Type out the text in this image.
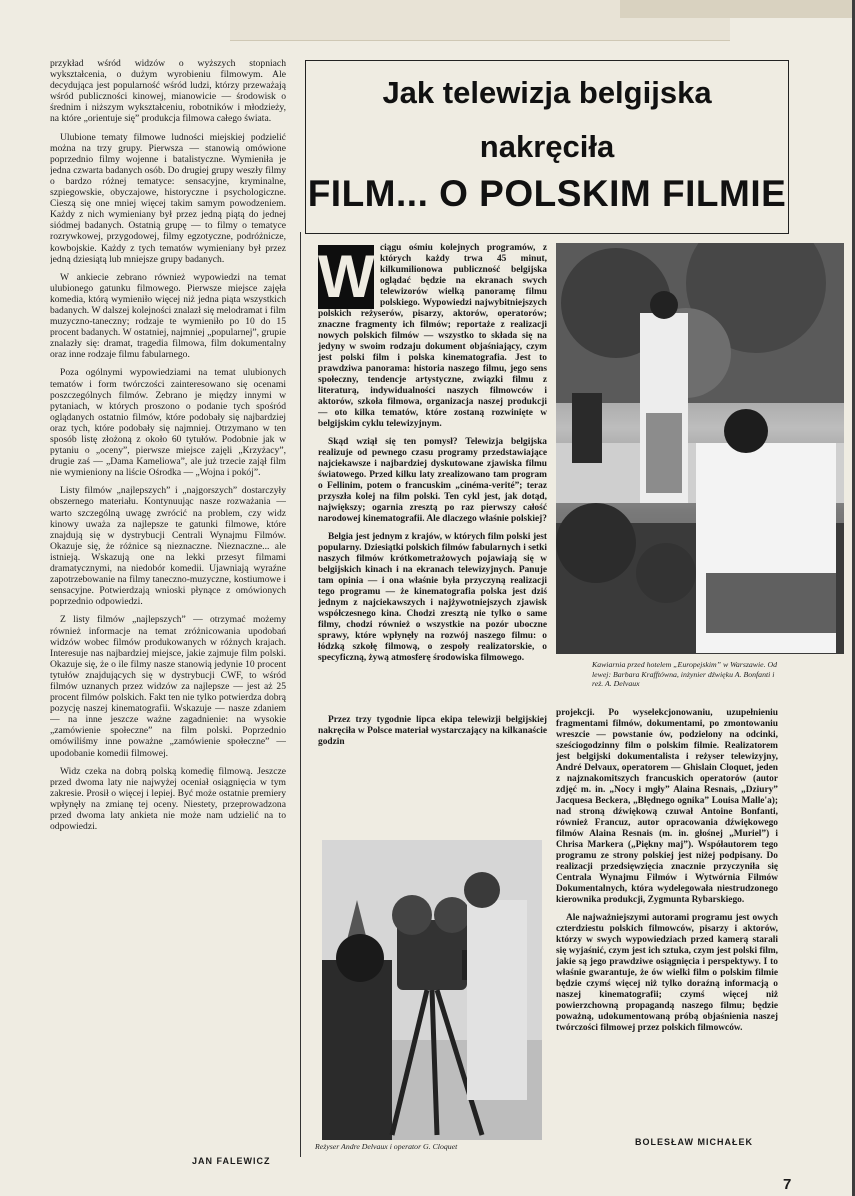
przykład wśród widzów o wyższych stopniach wykształcenia, o dużym wyrobieniu filmowym. Ale decydująca jest popularność wśród ludzi, którzy przeważają wśród publiczności kinowej, mianowicie — środowisk o średnim i niższym wykształceniu, robotników i młodzieży, na które „orientuje się” produkcja filmowa całego świata.

Ulubione tematy filmowe ludności miejskiej podzielić można na trzy grupy. Pierwsza — stanowią omówione poprzednio filmy wojenne i batalistyczne. Wymieniła je jedna czwarta badanych osób. Do drugiej grupy weszły filmy o bardzo różnej tematyce: sensacyjne, kryminalne, szpiegowskie, obyczajowe, historyczne i psychologiczne. Cieszą się one mniej więcej takim samym powodzeniem. Każdy z nich wymieniany był przez jedną piątą do jednej siódmej badanych. Ostatnią grupę — to filmy o tematyce rozrywkowej, przygodowej, filmy egzotyczne, podróżnicze, kowbojskie. Każdy z tych tematów wymieniany był przez jedną dziesiątą lub mniejsze grupy badanych.

W ankiecie zebrano również wypowiedzi na temat ulubionego gatunku filmowego. Pierwsze miejsce zajęła komedia, którą wymieniło więcej niż jedna piąta wszystkich badanych. W dalszej kolejności znalazł się melodramat i film muzyczno-taneczny; rodzaje te wymieniło po 10 do 15 procent badanych. W ostatniej, najmniej „popularnej”, grupie znalazły się: dramat, tragedia filmowa, film dokumentalny oraz inne rodzaje filmu fabularnego.

Poza ogólnymi wypowiedziami na temat ulubionych tematów i form twórczości zainteresowano się ocenami poszczególnych filmów. Zebrano je między innymi w pytaniach, w których proszono o podanie tych spośród oglądanych ostatnio filmów, które podobały się najbardziej oraz tych, które podobały się najmniej. Otrzymano w ten sposób listę złożoną z około 60 tytułów. Podobnie jak w pytaniu o „oceny”, pierwsze miejsce zajęli „Krzyżacy”, drugie zaś — „Dama Kameliowa”, ale już trzecie zajął film nie wymieniony na liście Ośrodka — „Wojna i pokój”.

Listy filmów „najlepszych” i „najgorszych” dostarczyły obszernego materiału. Kontynuując nasze rozważania — warto szczególną uwagę zwrócić na problem, czy widz kinowy uważa za najlepsze te gatunki filmowe, które znajdują się w dystrybucji Centrali Wynajmu Filmów. Okazuje się, że różnice są nieznaczne. Nieznaczne... ale istnieją. Wskazują one na lekki przesyt filmami dramatycznymi, na niedobór komedii. Ujawniają wyraźne zapotrzebowanie na filmy taneczno-muzyczne, kostiumowe i sensacyjne. Potwierdzają wnioski płynące z omówionych poprzednio odpowiedzi.

Z listy filmów „najlepszych” — otrzymać możemy również informacje na temat zróżnicowania upodobań widzów wobec filmów produkowanych w różnych krajach. Interesuje nas najbardziej miejsce, jakie zajmuje film polski. Okazuje się, że o ile filmy nasze stanowią jedynie 10 procent tytułów znajdujących się w dystrybucji CWF, to wśród filmów uznanych przez widzów za najlepsze — jest aż 25 procent filmów polskich. Fakt ten nie tylko potwierdza dobrą pozycję naszej kinematografii. Wskazuje — nasze zdaniem — na inne jeszcze ważne zagadnienie: na wysokie „zamówienie społeczne” na film polski. Poprzednio omówiliśmy inne poważne „zamówienie społeczne” — upodobanie komedii filmowej.

Widz czeka na dobrą polską komedię filmową. Jeszcze przed dwoma laty nie najwyżej oceniał osiągnięcia w tym zakresie. Prosił o więcej i lepiej. Być może ostatnie premiery wpłynęły na zmianę tej oceny. Niestety, przeprowadzona przed dwoma laty ankieta nie może nam udzielić na to odpowiedzi.

JAN FALEWICZ
Jak telewizja belgijska
nakręciła
FILM... O POLSKIM FILMIE
W ciągu ośmiu kolejnych programów, z których każdy trwa 45 minut, kilkumilionowa publiczność belgijska oglądać będzie na ekranach swych telewizorów wielką panoramę filmu polskiego. Wypowiedzi najwybitniejszych polskich reżyserów, pisarzy, aktorów, operatorów; znaczne fragmenty ich filmów; reportaże z realizacji nowych polskich filmów — wszystko to składa się na jedyny w swoim rodzaju dokument objaśniający, czym jest polski film i polska kinematografia. Jest to prawdziwa panorama: historia naszego filmu, jego sens społeczny, tendencje artystyczne, związki filmu z literaturą, indywidualności naszych filmowców i aktorów, szkoła filmowa, organizacja naszej produkcji — oto kilka tematów, które zostaną rozwinięte w belgijskim cyklu telewizyjnym.

Skąd wziął się ten pomysł? Telewizja belgijska realizuje od pewnego czasu programy przedstawiające najciekawsze i najbardziej dyskutowane zjawiska filmu światowego. Przed kilku laty zrealizowano tam program o Fellinim, potem o francuskim „cinéma-verité”; teraz przyszła kolej na film polski. Ten cykl jest, jak dotąd, największy; ogarnia zresztą po raz pierwszy całość narodowej kinematografii. Ale dlaczego właśnie polskiej?

Belgia jest jednym z krajów, w których film polski jest popularny. Dziesiątki polskich filmów fabularnych i setki naszych filmów krótkometrażowych pojawiają się w belgijskich kinach i na ekranach telewizyjnych. Panuje tam opinia — i ona właśnie była przyczyną realizacji tego programu — że kinematografia polska jest dziś jednym z najciekawszych i najżywotniejszych zjawisk współczesnego kina. Chodzi zresztą nie tylko o same filmy, chodzi również o wszystkie na pozór uboczne sprawy, które wpłynęły na rozwój naszego filmu: o łódzką szkołę filmową, o zespoły realizatorskie, o specyficzną, żywą atmosferę środowiska filmowego.

Przez trzy tygodnie lipca ekipa telewizji belgijskiej nakręciła w Polsce materiał wystarczający na kilkanaście godzin

Kawiarnia przed hotelem „Europejskim” w Warszawie. Od lewej: Barbara Krafftówna, inżynier dźwięku A. Bonfanti i reż. A. Delvaux
Reżyser Andre Delvaux i operator G. Cloquet

projekcji. Po wyselekcjonowaniu, uzupełnieniu fragmentami filmów, dokumentami, po zmontowaniu wreszcie — powstanie ów, podzielony na odcinki, sześciogodzinny film o polskim filmie. Realizatorem jest belgijski dokumentalista i reżyser telewizyjny, André Delvaux, operatorem — Ghislain Cloquet, jeden z najznakomitszych francuskich operatorów (autor zdjęć m. in. „Nocy i mgły” Alaina Resnais, „Dziury” Jacquesa Beckera, „Błędnego ognika” Louisa Malle'a); nad stroną dźwiękową czuwał Antoine Bonfanti, również Francuz, autor opracowania dźwiękowego filmów Alaina Resnais (m. in. głośnej „Muriel”) i Chrisa Markera („Piękny maj”). Współautorem tego programu ze strony polskiej jest niżej podpisany. Do realizacji przedsięwzięcia znacznie przyczyniła się Centrala Wynajmu Filmów i Wytwórnia Filmów Dokumentalnych, która wydelegowała niestrudzonego kierownika produkcji, Zygmunta Rybarskiego.

Ale najważniejszymi autorami programu jest owych czterdziestu polskich filmowców, pisarzy i aktorów, którzy w swych wypowiedziach przed kamerą starali się wyjaśnić, czym jest ich sztuka, czym jest polski film, jakie są jego prawdziwe osiągnięcia i perspektywy. I to właśnie gwarantuje, że ów wielki film o polskim filmie będzie czymś więcej niż tylko doraźną informacją o naszej kinematografii; czymś więcej niż powierzchowną propagandą naszego filmu; będzie poważną, udokumentowaną próbą objaśnienia naszej twórczości filmowej przez polskich filmowców.

BOLESŁAW MICHAŁEK
7
